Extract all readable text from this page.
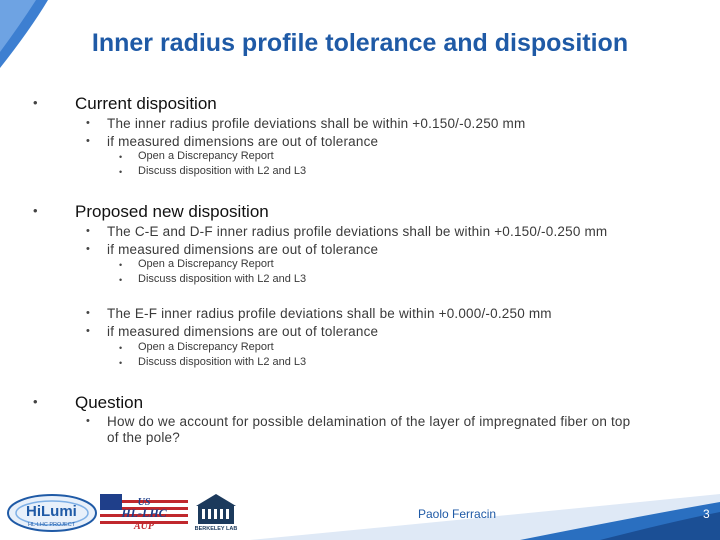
Inner radius profile tolerance and disposition
• Current disposition
• The inner radius profile deviations shall be within +0.150/-0.250 mm
• if measured dimensions are out of tolerance
• Open a Discrepancy Report
• Discuss disposition with L2 and L3
• Proposed new disposition
• The C-E and D-F inner radius profile deviations shall be within +0.150/-0.250 mm
• if measured dimensions are out of tolerance
• Open a Discrepancy Report
• Discuss disposition with L2 and L3
• The E-F inner radius profile deviations shall be within +0.000/-0.250 mm
• if measured dimensions are out of tolerance
• Open a Discrepancy Report
• Discuss disposition with L2 and L3
• Question
• How do we account for possible delamination of the layer of impregnated fiber on top
of the pole?
HiLumi
HL-LHC PROJECT
US
HL-LHC
AUP	BERKELEY LAB
Paolo Ferracin	3
